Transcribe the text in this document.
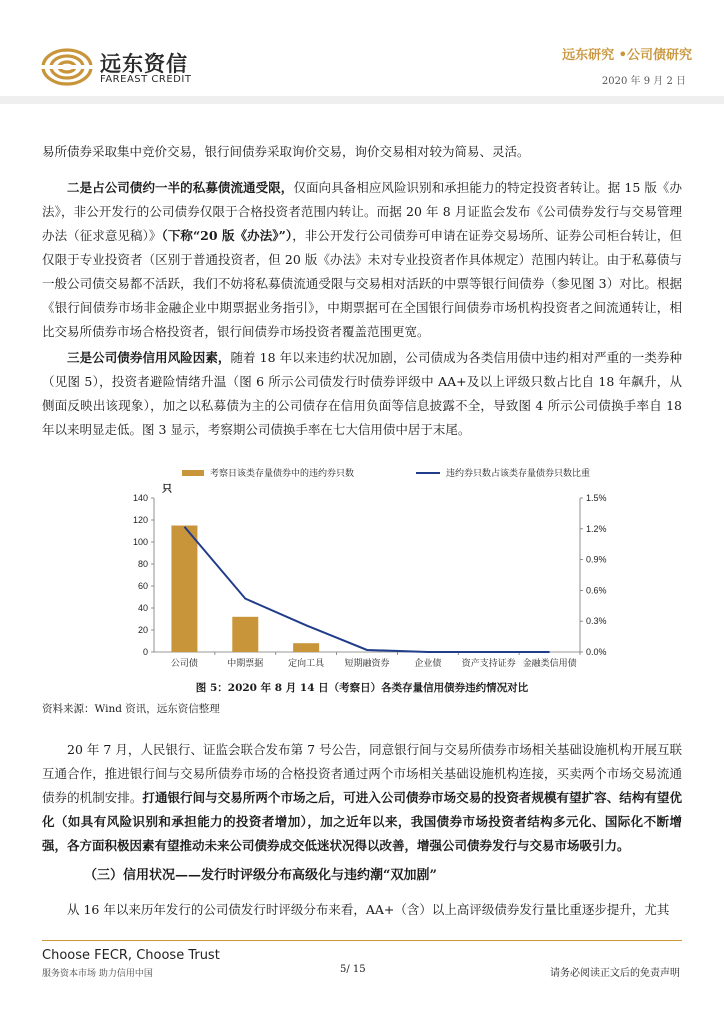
远东资信
FAREAST CREDIT
远东研究 •公司债研究
2020 年 9 月 2 日
易所债券采取集中竞价交易，银行间债券采取询价交易，询价交易相对较为简易、灵活。
二是占公司债约一半的私募债流通受限，仅面向具备相应风险识别和承担能力的特定投资者转让。据 15 版《办法》，非公开发行的公司债券仅限于合格投资者范围内转让。而据 20 年 8 月证监会发布《公司债券发行与交易管理办法（征求意见稿）》（下称“20 版《办法》”），非公开发行公司债券可申请在证券交易场所、证券公司柜台转让，但仅限于专业投资者（区别于普通投资者，但 20 版《办法》未对专业投资者作具体规定）范围内转让。由于私募债与一般公司债交易都不活跃，我们不妨将私募债流通受限与交易相对活跃的中票等银行间债券（参见图 3）对比。根据《银行间债券市场非金融企业中期票据业务指引》，中期票据可在全国银行间债券市场机构投资者之间流通转让，相比交易所债券市场合格投资者，银行间债券市场投资者覆盖范围更宽。
三是公司债券信用风险因素，随着 18 年以来违约状况加剧，公司债成为各类信用债中违约相对严重的一类券种（见图 5），投资者避险情绪升温（图 6 所示公司债发行时债券评级中 AA+及以上评级只数占比自 18 年飙升，从侧面反映出该现象），加之以私募债为主的公司债存在信用负面等信息披露不全，导致图 4 所示公司债换手率自 18 年以来明显走低。图 3 显示，考察期公司债换手率在七大信用债中居于末尾。
考察日该类存量债券中的违约券只数	违约券只数占该类存量债券只数比重
0
20
40
60
80
100
120
140
只
0.0%
0.3%
0.6%
0.9%
1.2%
1.5%
公司债	中期票据	定向工具 短期融资券	企业债 资产支持证券 金融类信用债
图 5：2020 年 8 月 14 日（考察日）各类存量信用债券违约情况对比
资料来源：Wind 资讯，远东资信整理
20 年 7 月，人民银行、证监会联合发布第 7 号公告，同意银行间与交易所债券市场相关基础设施机构开展互联互通合作，推进银行间与交易所债券市场的合格投资者通过两个市场相关基础设施机构连接，买卖两个市场交易流通债券的机制安排。打通银行间与交易所两个市场之后，可进入公司债券市场交易的投资者规模有望扩容、结构有望优化（如具有风险识别和承担能力的投资者增加），加之近年以来，我国债券市场投资者结构多元化、国际化不断增强，各方面积极因素有望推动未来公司债券成交低迷状况得以改善，增强公司债券发行与交易市场吸引力。
（三）信用状况——发行时评级分布高级化与违约潮“双加剧”
从 16 年以来历年发行的公司债发行时评级分布来看，AA+（含）以上高评级债券发行量比重逐步提升，尤其
Choose FECR, Choose Trust
服务资本市场 助力信用中国	5/ 15	请务必阅读正文后的免责声明
